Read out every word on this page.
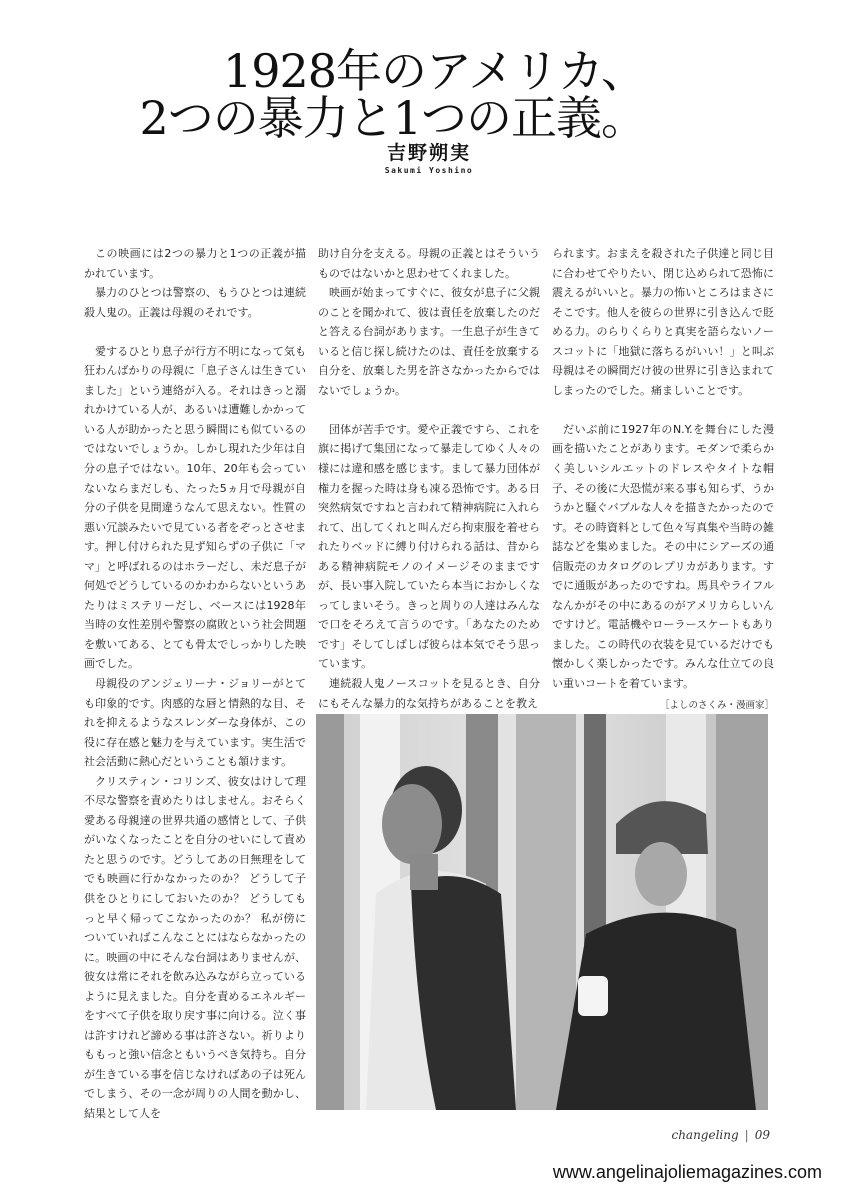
1928年のアメリカ、
2つの暴力と1つの正義。
吉野朔実
Sakumi Yoshino

この映画には2つの暴力と1つの正義が描かれています。

暴力のひとつは警察の、もうひとつは連続殺人鬼の。正義は母親のそれです。

愛するひとり息子が行方不明になって気も狂わんばかりの母親に「息子さんは生きていました」という連絡が入る。それはきっと溺れかけている人が、あるいは遭難しかかっている人が助かったと思う瞬間にも似ているのではないでしょうか。しかし現れた少年は自分の息子ではない。10年、20年も会っていないならまだしも、たった5ヵ月で母親が自分の子供を見間違うなんて思えない。性質の悪い冗談みたいで見ている者をぞっとさせます。押し付けられた見ず知らずの子供に「ママ」と呼ばれるのはホラーだし、未だ息子が何処でどうしているのかわからないというあたりはミステリーだし、ベースには1928年当時の女性差別や警察の腐敗という社会問題を敷いてある、とても骨太でしっかりした映画でした。

母親役のアンジェリーナ・ジョリーがとても印象的です。肉感的な唇と情熱的な目、それを抑えるようなスレンダーな身体が、この役に存在感と魅力を与えています。実生活で社会活動に熱心だということも頷けます。

クリスティン・コリンズ、彼女はけして理不尽な警察を責めたりはしません。おそらく愛ある母親達の世界共通の感情として、子供がいなくなったことを自分のせいにして責めたと思うのです。どうしてあの日無理をしてでも映画に行かなかったのか？ どうして子供をひとりにしておいたのか？ どうしてもっと早く帰ってこなかったのか？ 私が傍についていればこんなことにはならなかったのに。映画の中にそんな台詞はありませんが、彼女は常にそれを飲み込みながら立っているように見えました。自分を責めるエネルギーをすべて子供を取り戻す事に向ける。泣く事は許すけれど諦める事は許さない。祈りよりももっと強い信念ともいうべき気持ち。自分が生きている事を信じなければあの子は死んでしまう、その一念が周りの人間を動かし、結果として人を

助け自分を支える。母親の正義とはそういうものではないかと思わせてくれました。

映画が始まってすぐに、彼女が息子に父親のことを聞かれて、彼は責任を放棄したのだと答える台詞があります。一生息子が生きていると信じ探し続けたのは、責任を放棄する自分を、放棄した男を許さなかったからではないでしょうか。

団体が苦手です。愛や正義ですら、これを旗に掲げて集団になって暴走してゆく人々の様には違和感を感じます。まして暴力団体が権力を握った時は身も凍る恐怖です。ある日突然病気ですねと言われて精神病院に入れられて、出してくれと叫んだら拘束服を着せられたりベッドに縛り付けられる話は、昔からある精神病院モノのイメージそのままですが、長い事入院していたら本当におかしくなってしまいそう。きっと周りの人達はみんなで口をそろえて言うのです。「あなたのためです」そしてしばしば彼らは本気でそう思っています。

連続殺人鬼ノースコットを見るとき、自分にもそんな暴力的な気持ちがあることを教え

られます。おまえを殺された子供達と同じ目に合わせてやりたい、閉じ込められて恐怖に震えるがいいと。暴力の怖いところはまさにそこです。他人を彼らの世界に引き込んで貶める力。のらりくらりと真実を語らないノースコットに「地獄に落ちるがいい！」と叫ぶ母親はその瞬間だけ彼の世界に引き込まれてしまったのでした。痛ましいことです。

だいぶ前に1927年のN.Y.を舞台にした漫画を描いたことがあります。モダンで柔らかく美しいシルエットのドレスやタイトな帽子、その後に大恐慌が来る事も知らず、うかうかと騒ぐバブルな人々を描きたかったのです。その時資料として色々写真集や当時の雑誌などを集めました。その中にシアーズの通信販売のカタログのレプリカがあります。すでに通販があったのですね。馬具やライフルなんかがその中にあるのがアメリカらしいんですけど。電話機やローラースケートもありました。この時代の衣装を見ているだけでも懐かしく楽しかったです。みんな仕立ての良い重いコートを着ています。

［よしのさくみ・漫画家］

changeling | 09
www.angelinajoliemagazines.com
